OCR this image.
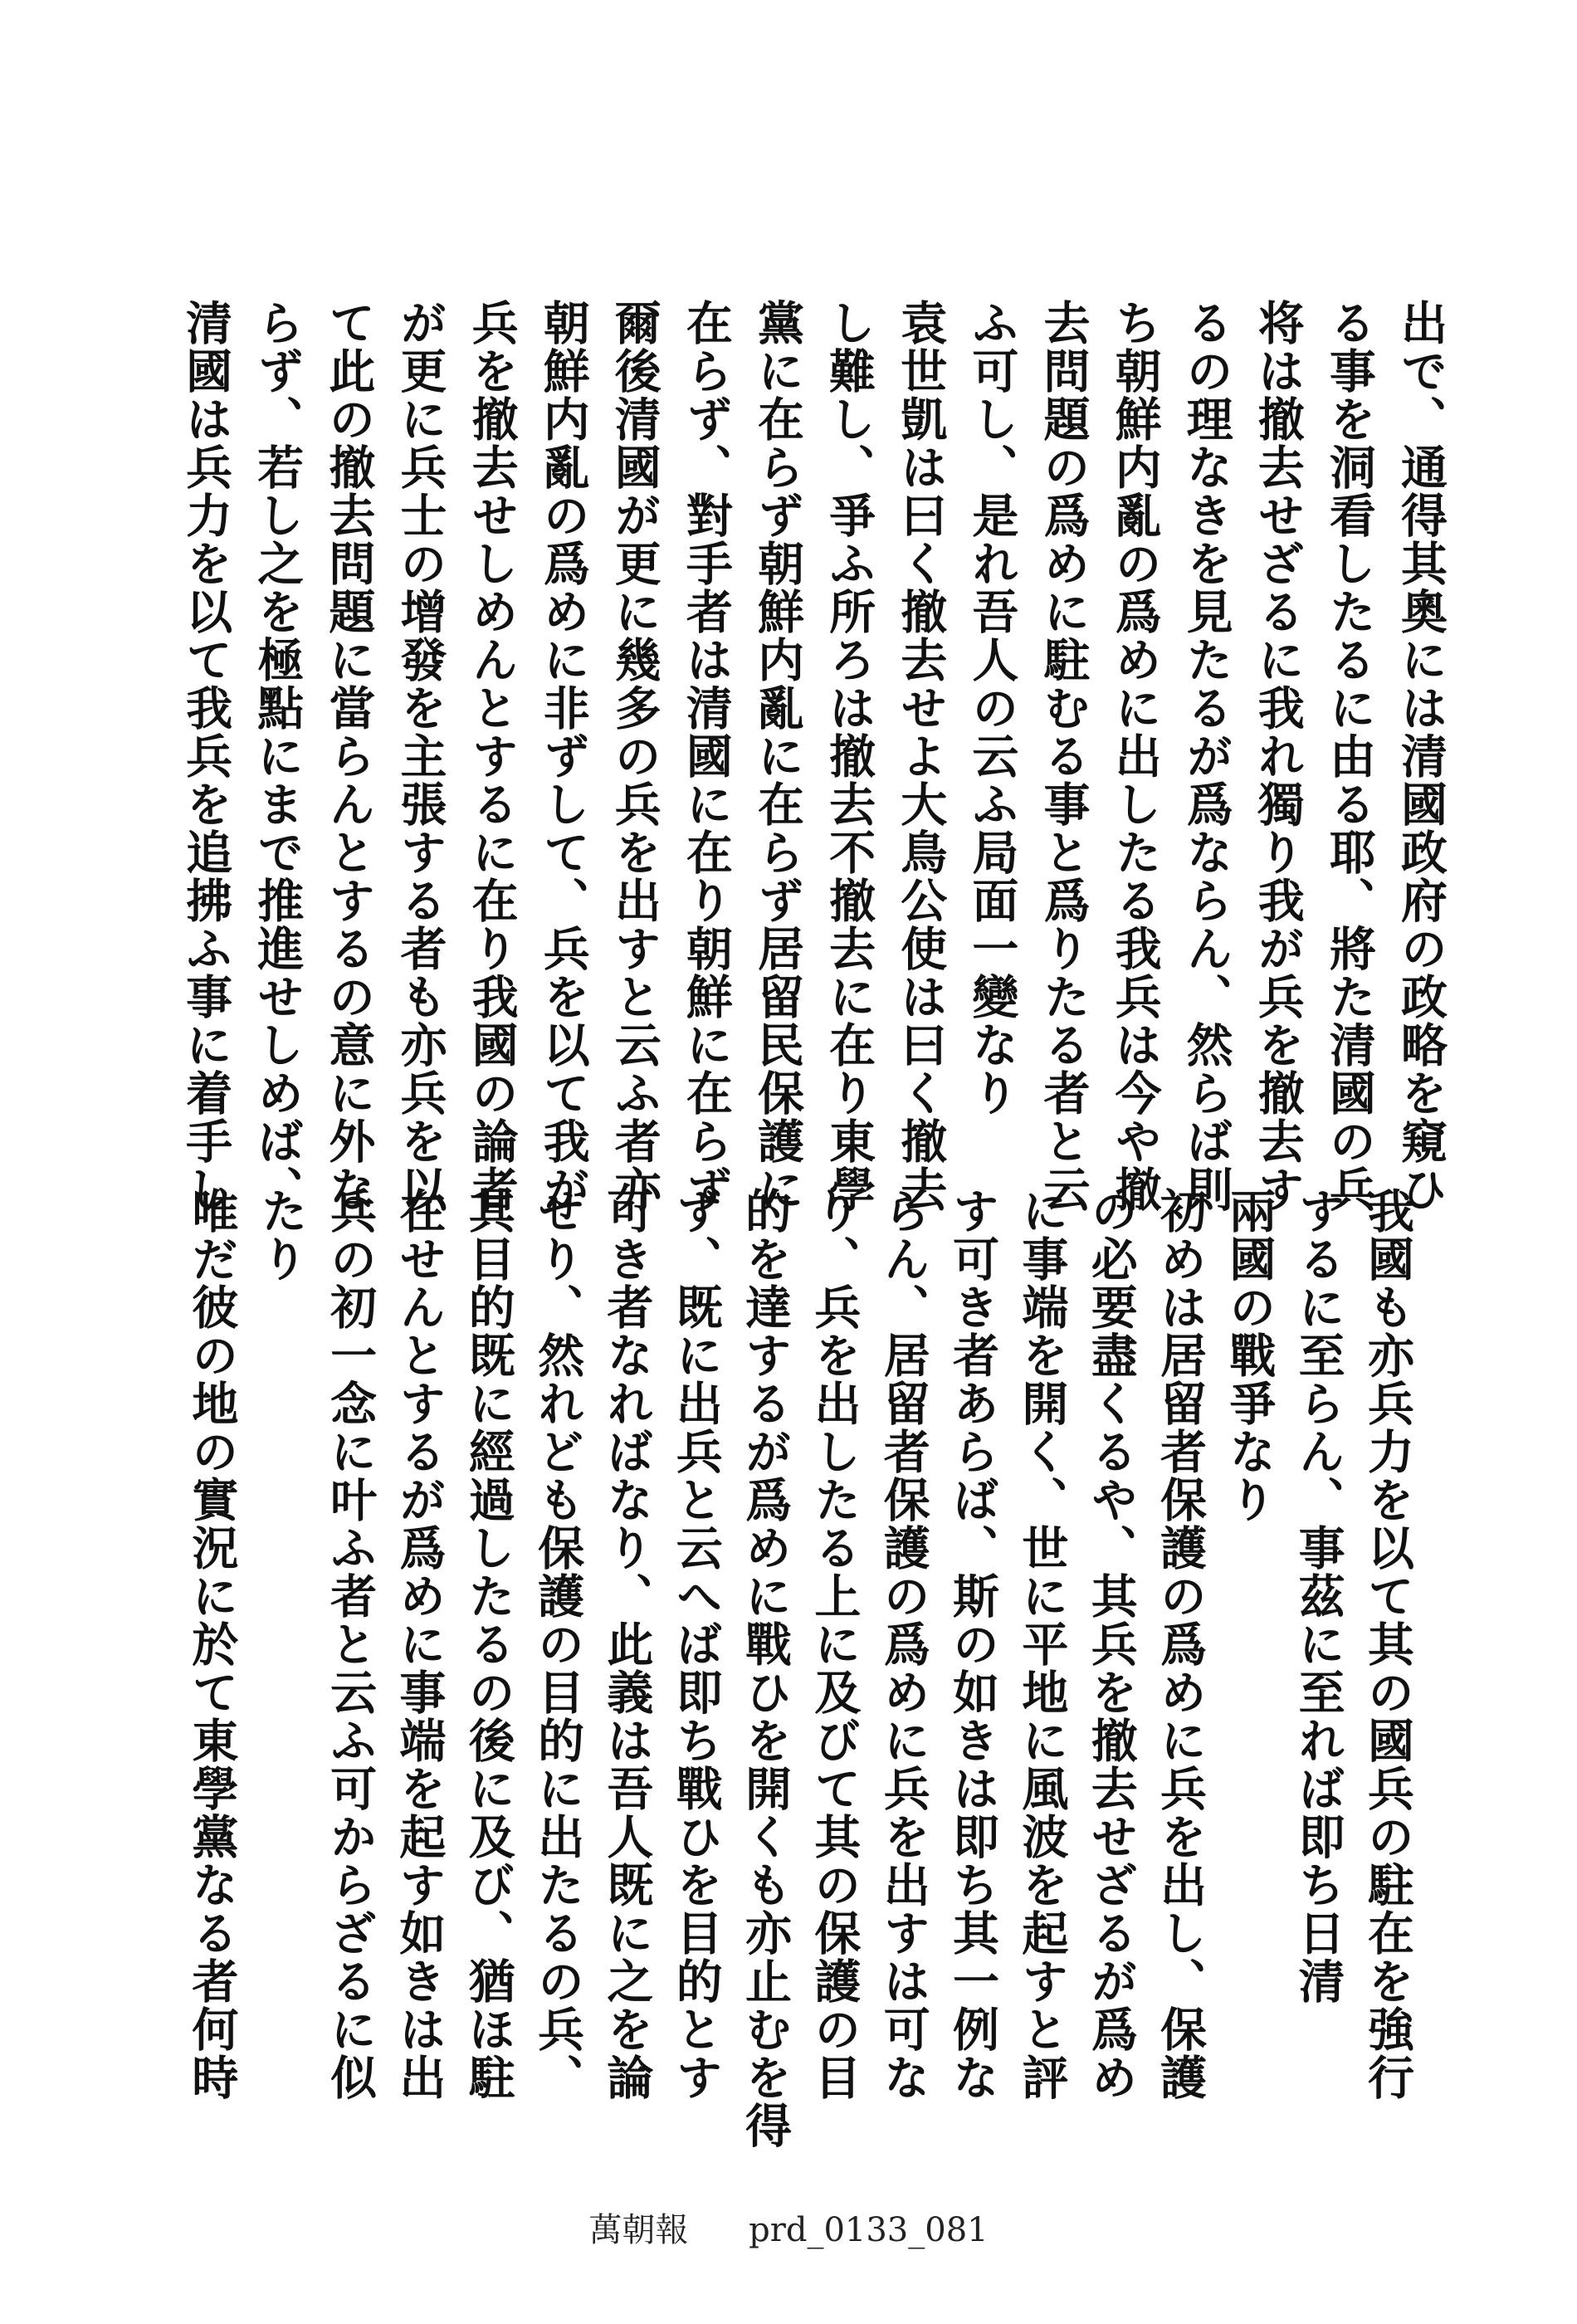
出で、通得其奧には清國政府の政略を窺ひ
る事を洞看したるに由る耶、將た清國の兵
将は撤去せざるに我れ獨り我が兵を撤去す
るの理なきを見たるが爲ならん、然らば則
ち朝鮮内亂の爲めに出したる我兵は今や撤
去問題の爲めに駐むる事と爲りたる者と云
ふ可し、是れ吾人の云ふ局面一變なり
袁世凱は曰く撤去せよ大鳥公使は曰く撤去
し難し、爭ふ所ろは撤去不撤去に在り東學
黨に在らず朝鮮内亂に在らず居留民保護に
在らず、對手者は清國に在り朝鮮に在らず
爾後清國が更に幾多の兵を出すと云ふ者亦
朝鮮内亂の爲めに非ずして、兵を以て我が
兵を撤去せしめんとするに在り我國の論者
が更に兵士の增發を主張する者も亦兵を以
て此の撤去問題に當らんとするの意に外な
らず、若し之を極點にまで推進せしめば、
清國は兵力を以て我兵を追拂ふ事に着手し
我國も亦兵力を以て其の國兵の駐在を強行
するに至らん、事茲に至れば即ち日清
兩國の戰爭なり
初めは居留者保護の爲めに兵を出し、保護
の必要盡くるや、其兵を撤去せざるが爲め
に事端を開く、世に平地に風波を起すと評
す可き者あらば、斯の如きは即ち其一例な
らん、居留者保護の爲めに兵を出すは可な
り、兵を出したる上に及びて其の保護の目
的を達するが爲めに戰ひを開くも亦止むを得
ず、既に出兵と云へば即ち戰ひを目的とす
可き者なればなり、此義は吾人既に之を論
せり、然れども保護の目的に出たるの兵、
其目的既に經過したるの後に及び、猶ほ駐
在せんとするが爲めに事端を起す如きは出
兵の初一念に叶ふ者と云ふ可からざるに似
たり
唯だ彼の地の實況に於て東學黨なる者何時
萬朝報 prd_0133_081
